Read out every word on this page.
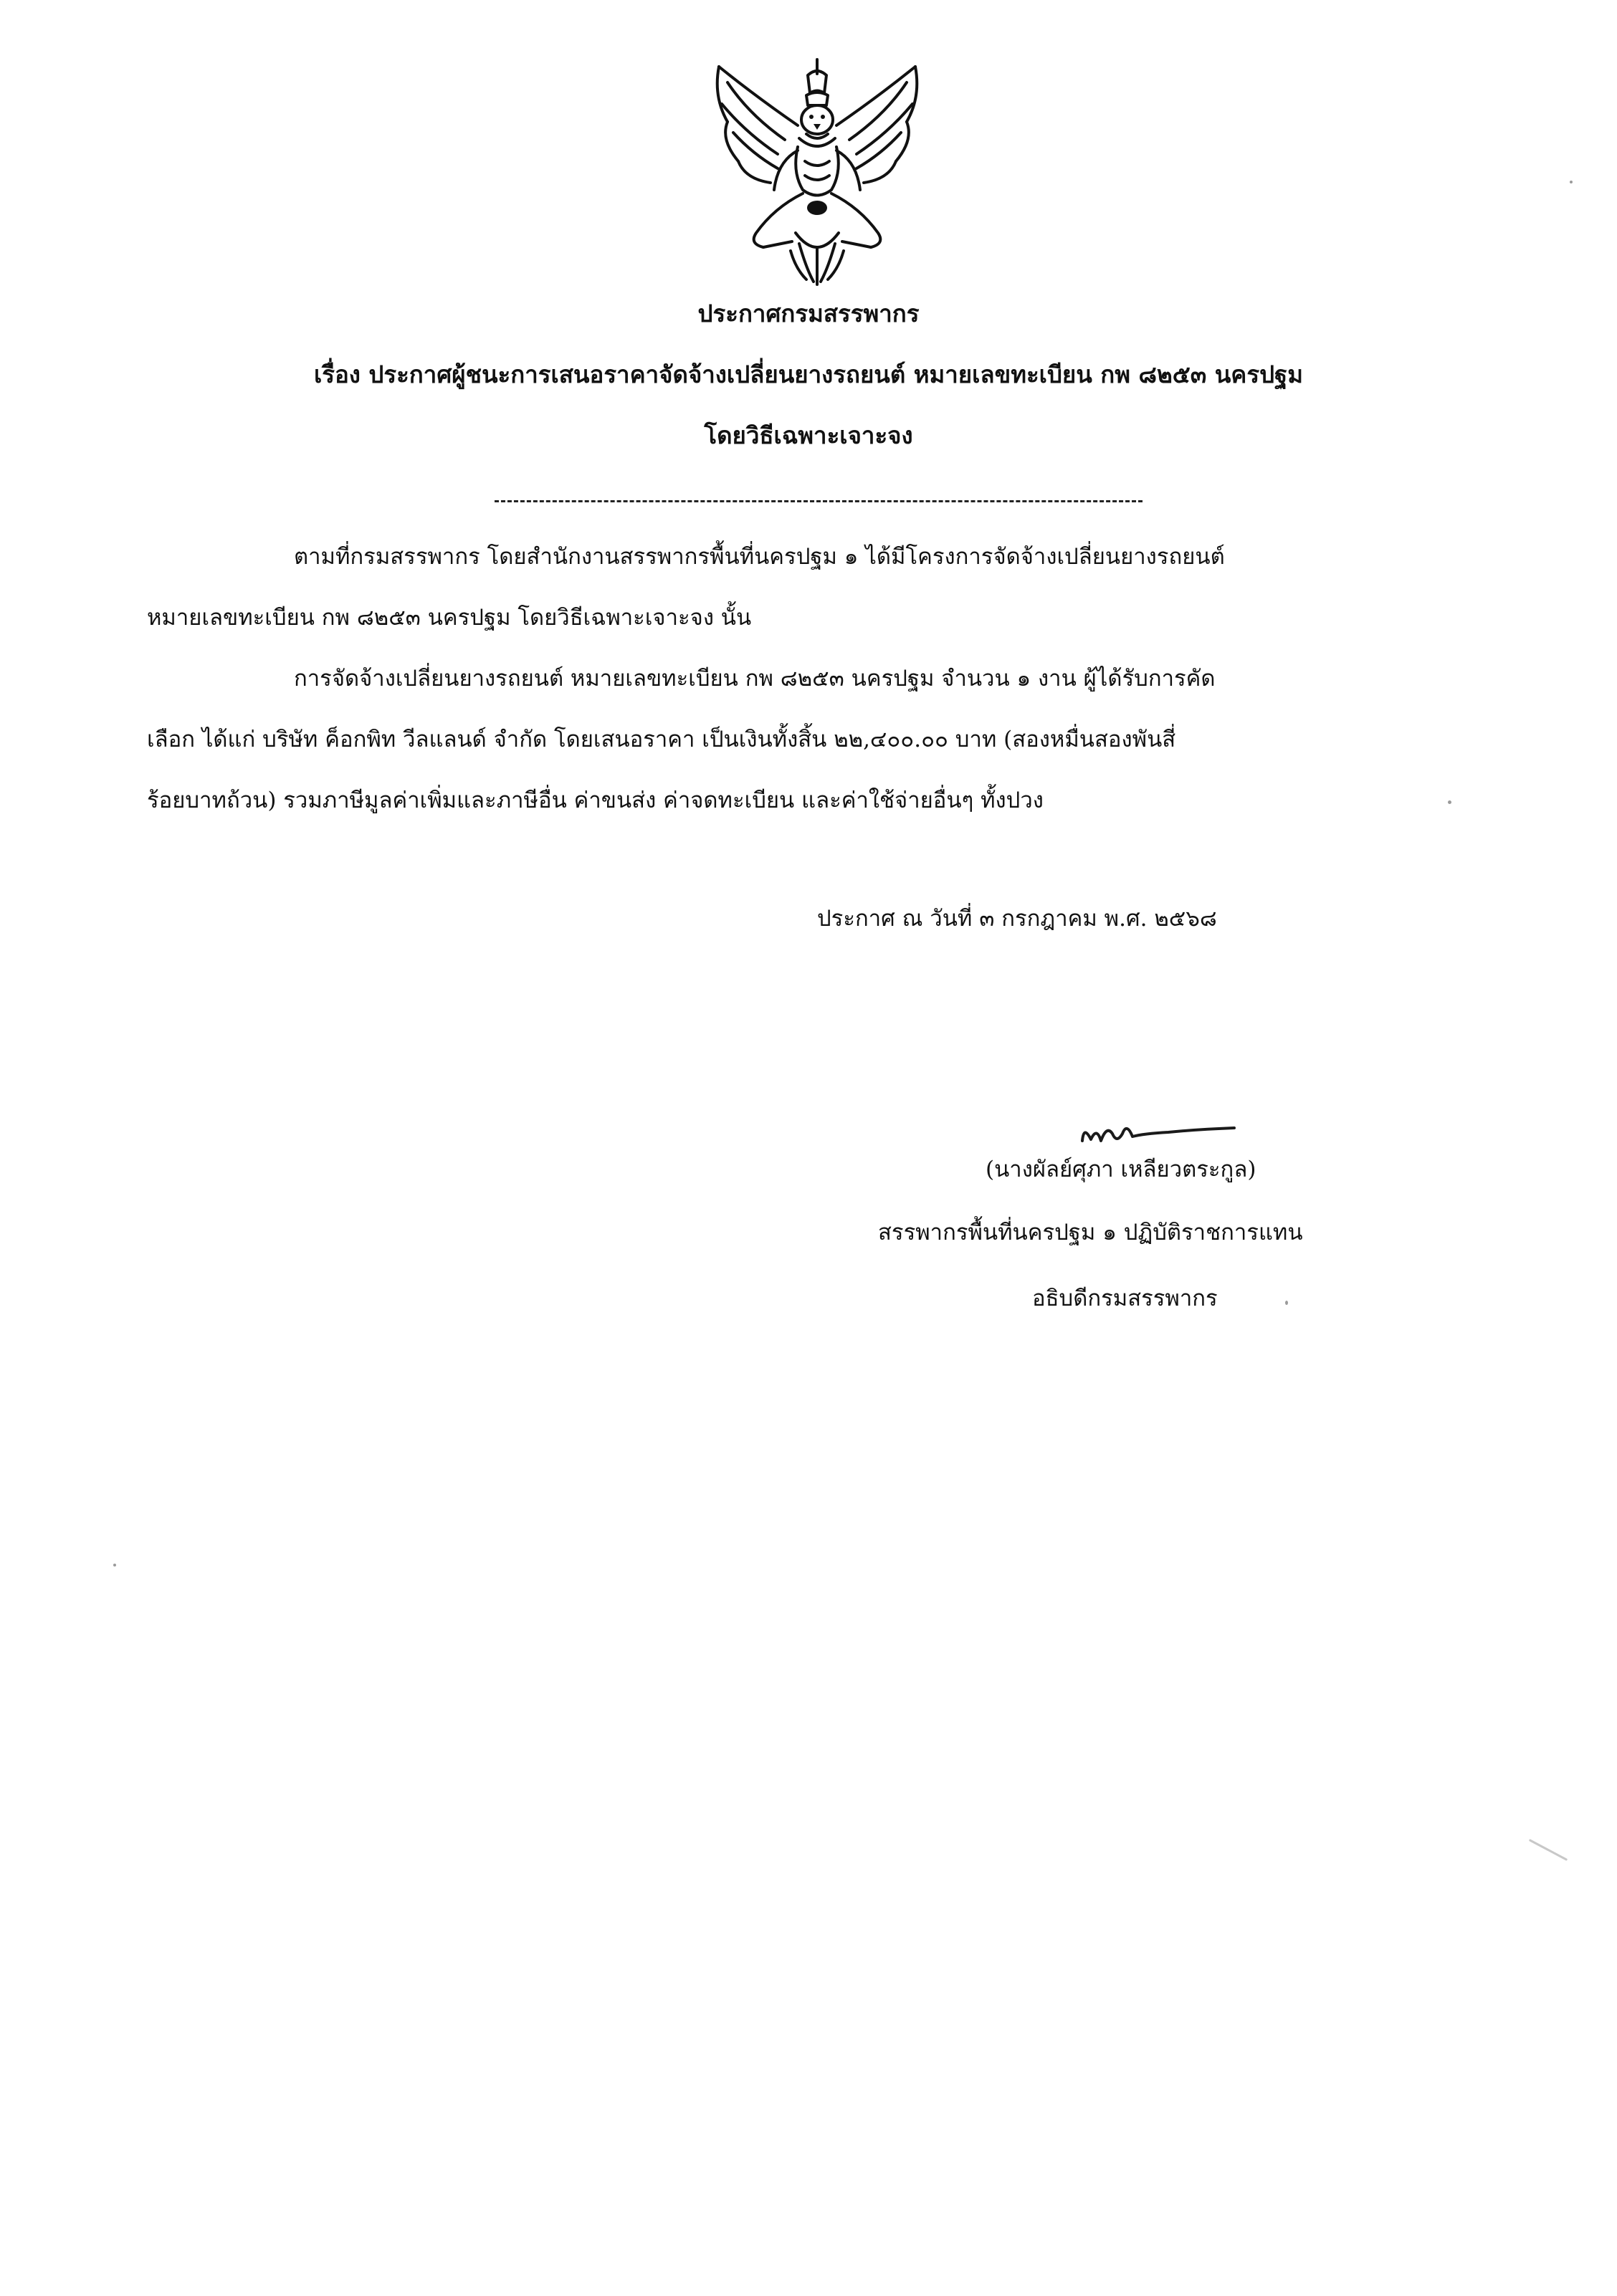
ประกาศกรมสรรพากร
เรื่อง ประกาศผู้ชนะการเสนอราคาจัดจ้างเปลี่ยนยางรถยนต์ หมายเลขทะเบียน กพ ๘๒๕๓ นครปฐม
โดยวิธีเฉพาะเจาะจง
ตามที่กรมสรรพากร โดยสำนักงานสรรพากรพื้นที่นครปฐม ๑ ได้มีโครงการจัดจ้างเปลี่ยนยางรถยนต์
หมายเลขทะเบียน กพ ๘๒๕๓ นครปฐม โดยวิธีเฉพาะเจาะจง นั้น
การจัดจ้างเปลี่ยนยางรถยนต์ หมายเลขทะเบียน กพ ๘๒๕๓ นครปฐม จำนวน ๑ งาน ผู้ได้รับการคัด
เลือก ได้แก่ บริษัท ค็อกพิท วีลแลนด์ จำกัด โดยเสนอราคา เป็นเงินทั้งสิ้น ๒๒,๔๐๐.๐๐ บาท (สองหมื่นสองพันสี่
ร้อยบาทถ้วน) รวมภาษีมูลค่าเพิ่มและภาษีอื่น ค่าขนส่ง ค่าจดทะเบียน และค่าใช้จ่ายอื่นๆ ทั้งปวง
ประกาศ ณ วันที่ ๓ กรกฎาคม พ.ศ. ๒๕๖๘
(นางผัลย์ศุภา เหลียวตระกูล)
สรรพากรพื้นที่นครปฐม ๑ ปฏิบัติราชการแทน
อธิบดีกรมสรรพากร
